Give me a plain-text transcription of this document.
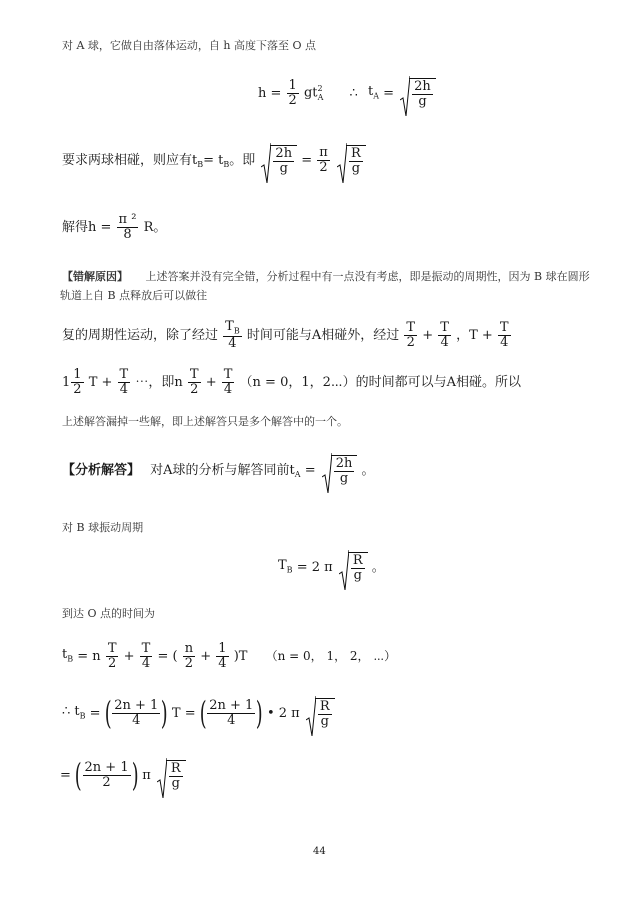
对 A 球，它做自由落体运动，自 h 高度下落至 O 点
$h = \frac{1}{2} gt^2_A$ ∴ $t_A = \frac{2h}{g}$
要求两球相碰，则应有$t_B= t_B$。即 $\frac{2h}{g} = \frac{\pi}{2}$
$\frac{R}{g}$
解得$h = \frac{\text{π ²}}{8}$ R。
【错解原因】 上述答案并没有完全错，分析过程中有一点没有考虑，即是振动的周期性，因为 B 球在圆形
轨道上自 B 点释放后可以做往
复的周期性运动，除了经过 $\frac{T_B}{4}$ 时间可能与A相碰外，经过 $\frac{T}{2} + \frac{T}{4}$ ，$T + \frac{T}{4}$
$1 \frac{1}{2}$ $T + \frac{T}{4}$ ⋯，即n $\frac{T}{2} + \frac{T}{4} (n = 0$，1，2⋯）的时间都可以与A相碰。所以
上述解答漏掉一些解，即上述解答只是多个解答中的一个。
【分析解答】 对A球的分析与解答同前$t_A = \frac{2h}{g}$ 。
对 B 球振动周期
$T_B = 2$ π $\frac{R}{g}$ 。
到达 O 点的时间为
$t_B = n \frac{T}{2} + \frac{T}{4}$ = ( $\frac{n}{2} + \frac{1}{4} )T$ （n = 0， 1， 2， ⋯）
∴ $t_B$ = ( $\frac{2n + 1}{4}$ ) T = ( $\frac{2n + 1}{4}$ ) • 2 π $\frac{R}{g}$
= ( $\frac{2n + 1}{2}$ ) π $\frac{R}{g}$
44
